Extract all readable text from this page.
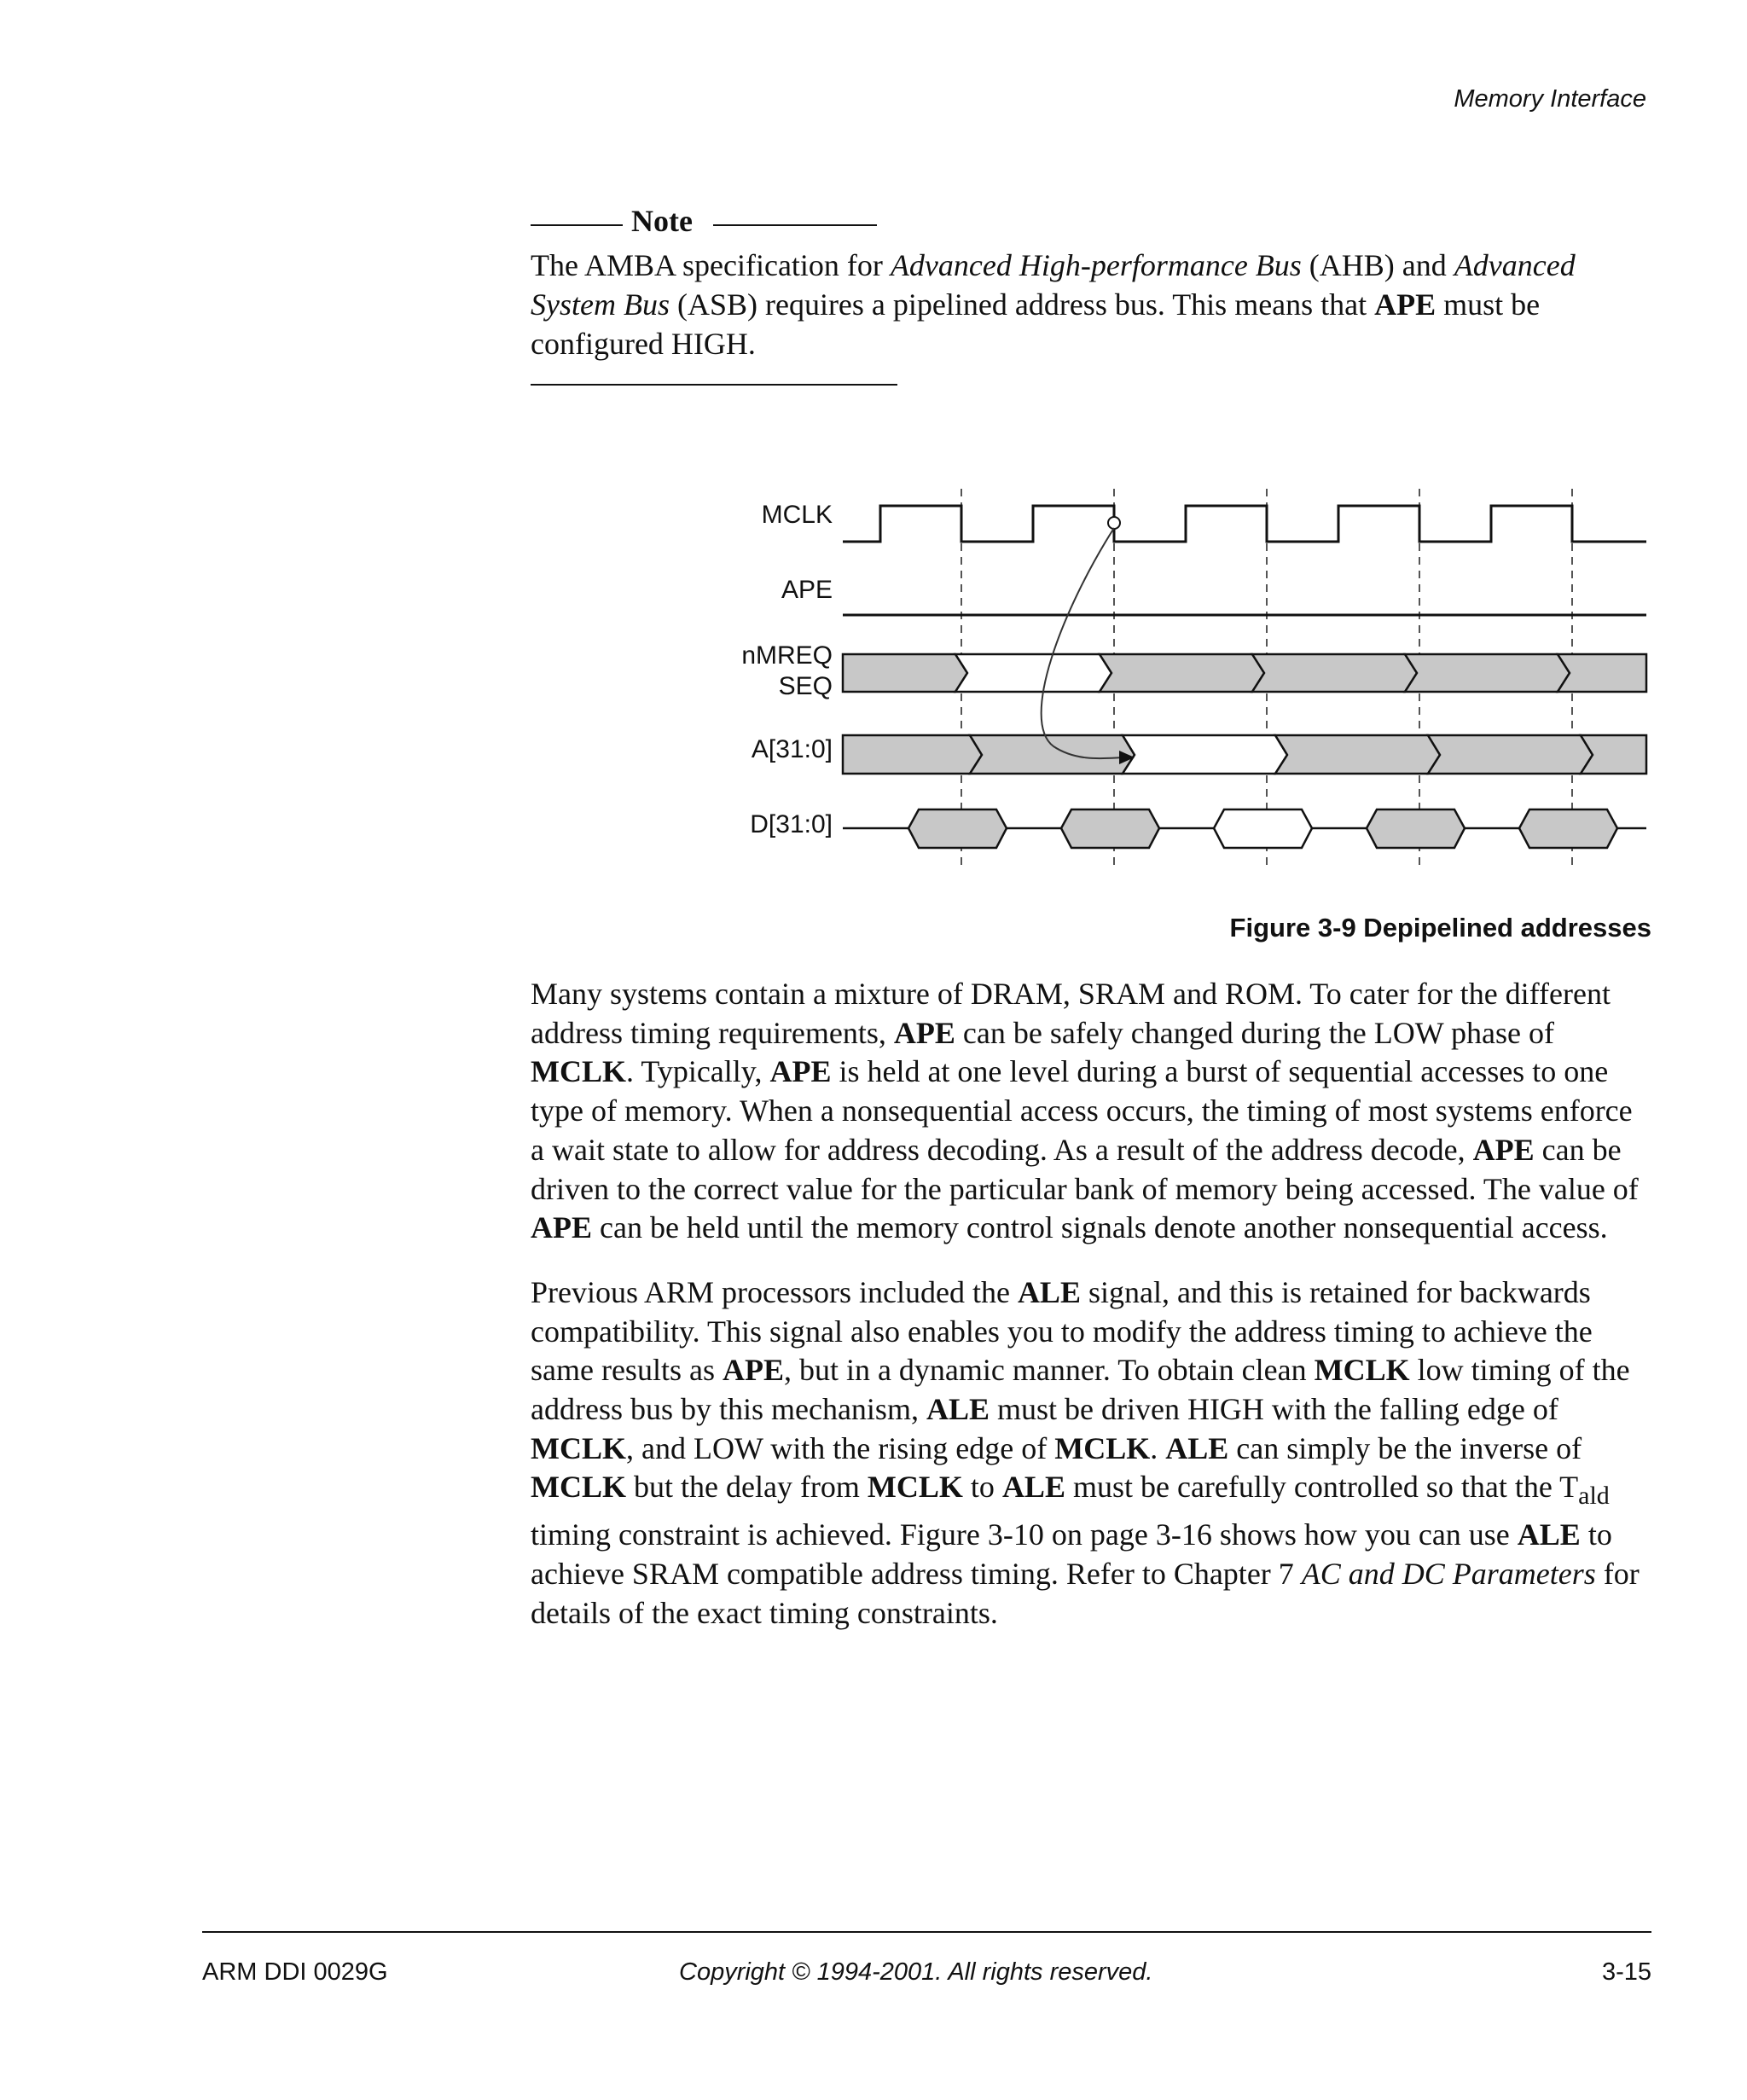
Memory Interface
Note

The AMBA specification for Advanced High-performance Bus (AHB) and Advanced System Bus (ASB) requires a pipelined address bus. This means that APE must be configured HIGH.

MCLK
APE
nMREQ
SEQ
A[31:0]
D[31:0]
Figure 3-9 Depipelined addresses

Many systems contain a mixture of DRAM, SRAM and ROM. To cater for the different address timing requirements, APE can be safely changed during the LOW phase of MCLK. Typically, APE is held at one level during a burst of sequential accesses to one type of memory. When a nonsequential access occurs, the timing of most systems enforce a wait state to allow for address decoding. As a result of the address decode, APE can be driven to the correct value for the particular bank of memory being accessed. The value of APE can be held until the memory control signals denote another nonsequential access.

Previous ARM processors included the ALE signal, and this is retained for backwards compatibility. This signal also enables you to modify the address timing to achieve the same results as APE, but in a dynamic manner. To obtain clean MCLK low timing of the address bus by this mechanism, ALE must be driven HIGH with the falling edge of MCLK, and LOW with the rising edge of MCLK. ALE can simply be the inverse of MCLK but the delay from MCLK to ALE must be carefully controlled so that the $T_{ald}$ timing constraint is achieved. Figure 3-10 on page 3-16 shows how you can use ALE to achieve SRAM compatible address timing. Refer to Chapter 7 AC and DC Parameters for details of the exact timing constraints.

ARM DDI 0029G	Copyright © 1994-2001. All rights reserved.	3-15
